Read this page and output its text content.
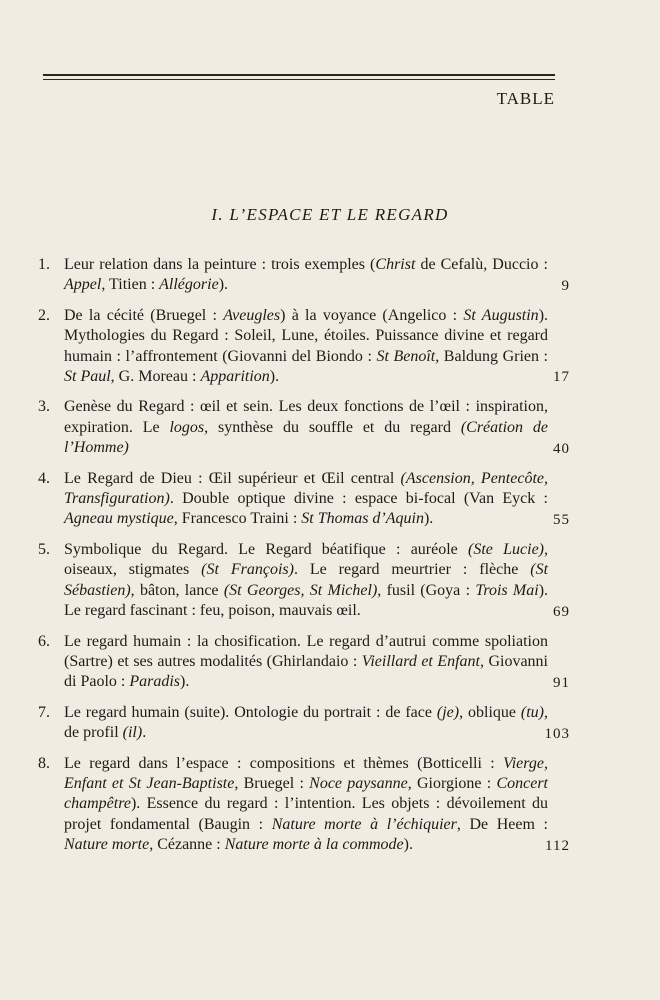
TABLE
I. L’ESPACE ET LE REGARD
1. Leur relation dans la peinture : trois exemples (Christ de Cefalù, Duccio : Appel, Titien : Allégorie).	9
2. De la cécité (Bruegel : Aveugles) à la voyance (Angelico : St Augustin). Mythologies du Regard : Soleil, Lune, étoiles. Puissance divine et regard humain : l’affrontement (Giovanni del Biondo : St Benoît, Baldung Grien : St Paul, G. Moreau : Apparition).	17
3. Genèse du Regard : œil et sein. Les deux fonctions de l’œil : inspiration, expiration. Le logos, synthèse du souffle et du regard (Création de l’Homme)	40
4. Le Regard de Dieu : Œil supérieur et Œil central (Ascension, Pentecôte, Transfiguration). Double optique divine : espace bi-focal (Van Eyck : Agneau mystique, Francesco Traini : St Thomas d’Aquin).	55
5. Symbolique du Regard. Le Regard béatifique : auréole (Ste Lucie), oiseaux, stigmates (St François). Le regard meurtrier : flèche (St Sébastien), bâton, lance (St Georges, St Michel), fusil (Goya : Trois Mai). Le regard fascinant : feu, poison, mauvais œil.	69
6. Le regard humain : la chosification. Le regard d’autrui comme spoliation (Sartre) et ses autres modalités (Ghirlandaio : Vieillard et Enfant, Giovanni di Paolo : Paradis).	91
7. Le regard humain (suite). Ontologie du portrait : de face (je), oblique (tu), de profil (il).	103
8. Le regard dans l’espace : compositions et thèmes (Botticelli : Vierge, Enfant et St Jean-Baptiste, Bruegel : Noce paysanne, Giorgione : Concert champêtre). Essence du regard : l’intention. Les objets : dévoilement du projet fondamental (Baugin : Nature morte à l’échiquier, De Heem : Nature morte, Cézanne : Nature morte à la commode).	112
